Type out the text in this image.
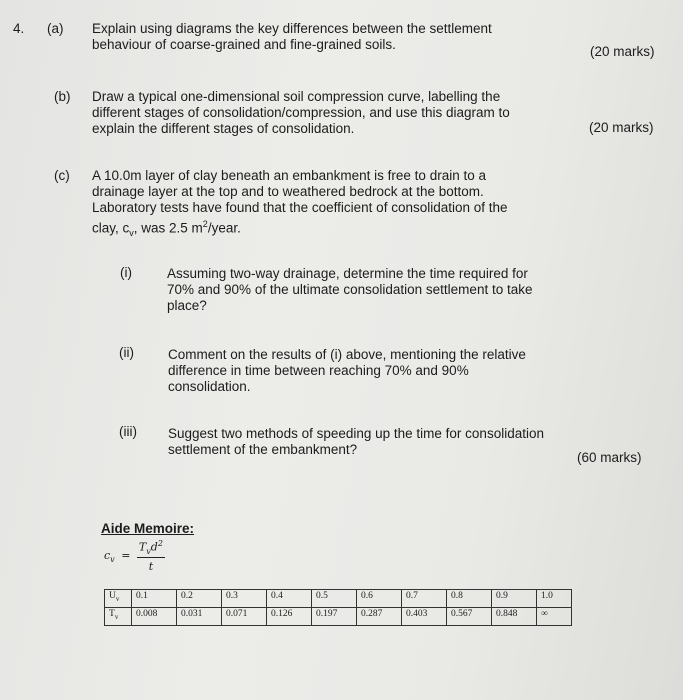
4. (a) Explain using diagrams the key differences between the settlement
behaviour of coarse-grained and fine-grained soils.	(20 marks)
(b) Draw a typical one-dimensional soil compression curve, labelling the
different stages of consolidation/compression, and use this diagram to
explain the different stages of consolidation.	(20 marks)
(c) A 10.0m layer of clay beneath an embankment is free to drain to a
drainage layer at the top and to weathered bedrock at the bottom.
Laboratory tests have found that the coefficient of consolidation of the
clay, $c_v$, was 2.5 $m^2$/year.
(i)	Assuming two-way drainage, determine the time required for
70% and 90% of the ultimate consolidation settlement to take
place?
(ii)	Comment on the results of (i) above, mentioning the relative
difference in time between reaching 70% and 90%
consolidation.
(iii) Suggest two methods of speeding up the time for consolidation
settlement of the embankment?
(60 marks)
Aide Memoire:
$c_v = \frac{T_vd^2}{t}$
$U_v$	0.1	0.2	0.3	0.4	0.5	0.6	0.7	0.8	0.9	1.0
$T_v$	0.008	0.031	0.071	0.126	0.197	0.287	0.403	0.567	0.848	∞
